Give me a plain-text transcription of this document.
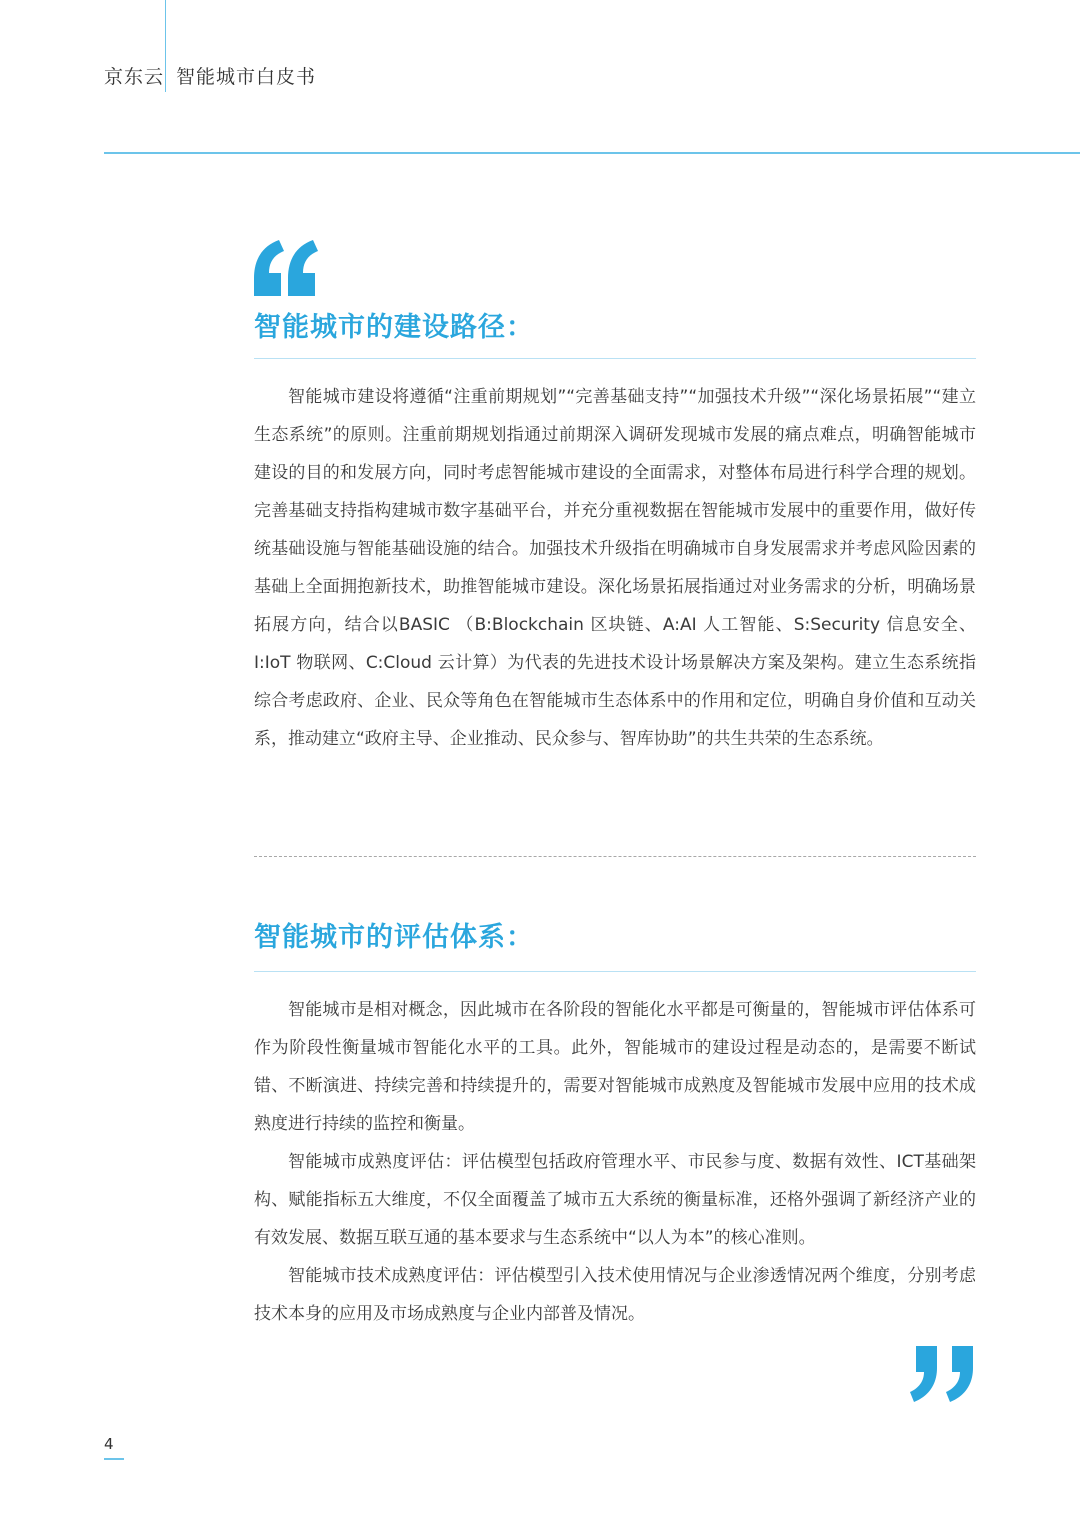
京东云 智能城市白皮书
智能城市的建设路径：

智能城市建设将遵循“注重前期规划”“完善基础支持”“加强技术升级”“深化场景拓展”“建立生态系统”的原则。注重前期规划指通过前期深入调研发现城市发展的痛点难点，明确智能城市建设的目的和发展方向，同时考虑智能城市建设的全面需求，对整体布局进行科学合理的规划。完善基础支持指构建城市数字基础平台，并充分重视数据在智能城市发展中的重要作用，做好传统基础设施与智能基础设施的结合。加强技术升级指在明确城市自身发展需求并考虑风险因素的基础上全面拥抱新技术，助推智能城市建设。深化场景拓展指通过对业务需求的分析，明确场景拓展方向，结合以BASIC （B:Blockchain 区块链、A:AI 人工智能、S:Security 信息安全、I:IoT 物联网、C:Cloud 云计算）为代表的先进技术设计场景解决方案及架构。建立生态系统指综合考虑政府、企业、民众等角色在智能城市生态体系中的作用和定位，明确自身价值和互动关系，推动建立“政府主导、企业推动、民众参与、智库协助”的共生共荣的生态系统。

智能城市的评估体系：

智能城市是相对概念，因此城市在各阶段的智能化水平都是可衡量的，智能城市评估体系可作为阶段性衡量城市智能化水平的工具。此外，智能城市的建设过程是动态的，是需要不断试错、不断演进、持续完善和持续提升的，需要对智能城市成熟度及智能城市发展中应用的技术成熟度进行持续的监控和衡量。

智能城市成熟度评估：评估模型包括政府管理水平、市民参与度、数据有效性、ICT基础架构、赋能指标五大维度，不仅全面覆盖了城市五大系统的衡量标准，还格外强调了新经济产业的有效发展、数据互联互通的基本要求与生态系统中“以人为本”的核心准则。

智能城市技术成熟度评估：评估模型引入技术使用情况与企业渗透情况两个维度，分别考虑技术本身的应用及市场成熟度与企业内部普及情况。

4
